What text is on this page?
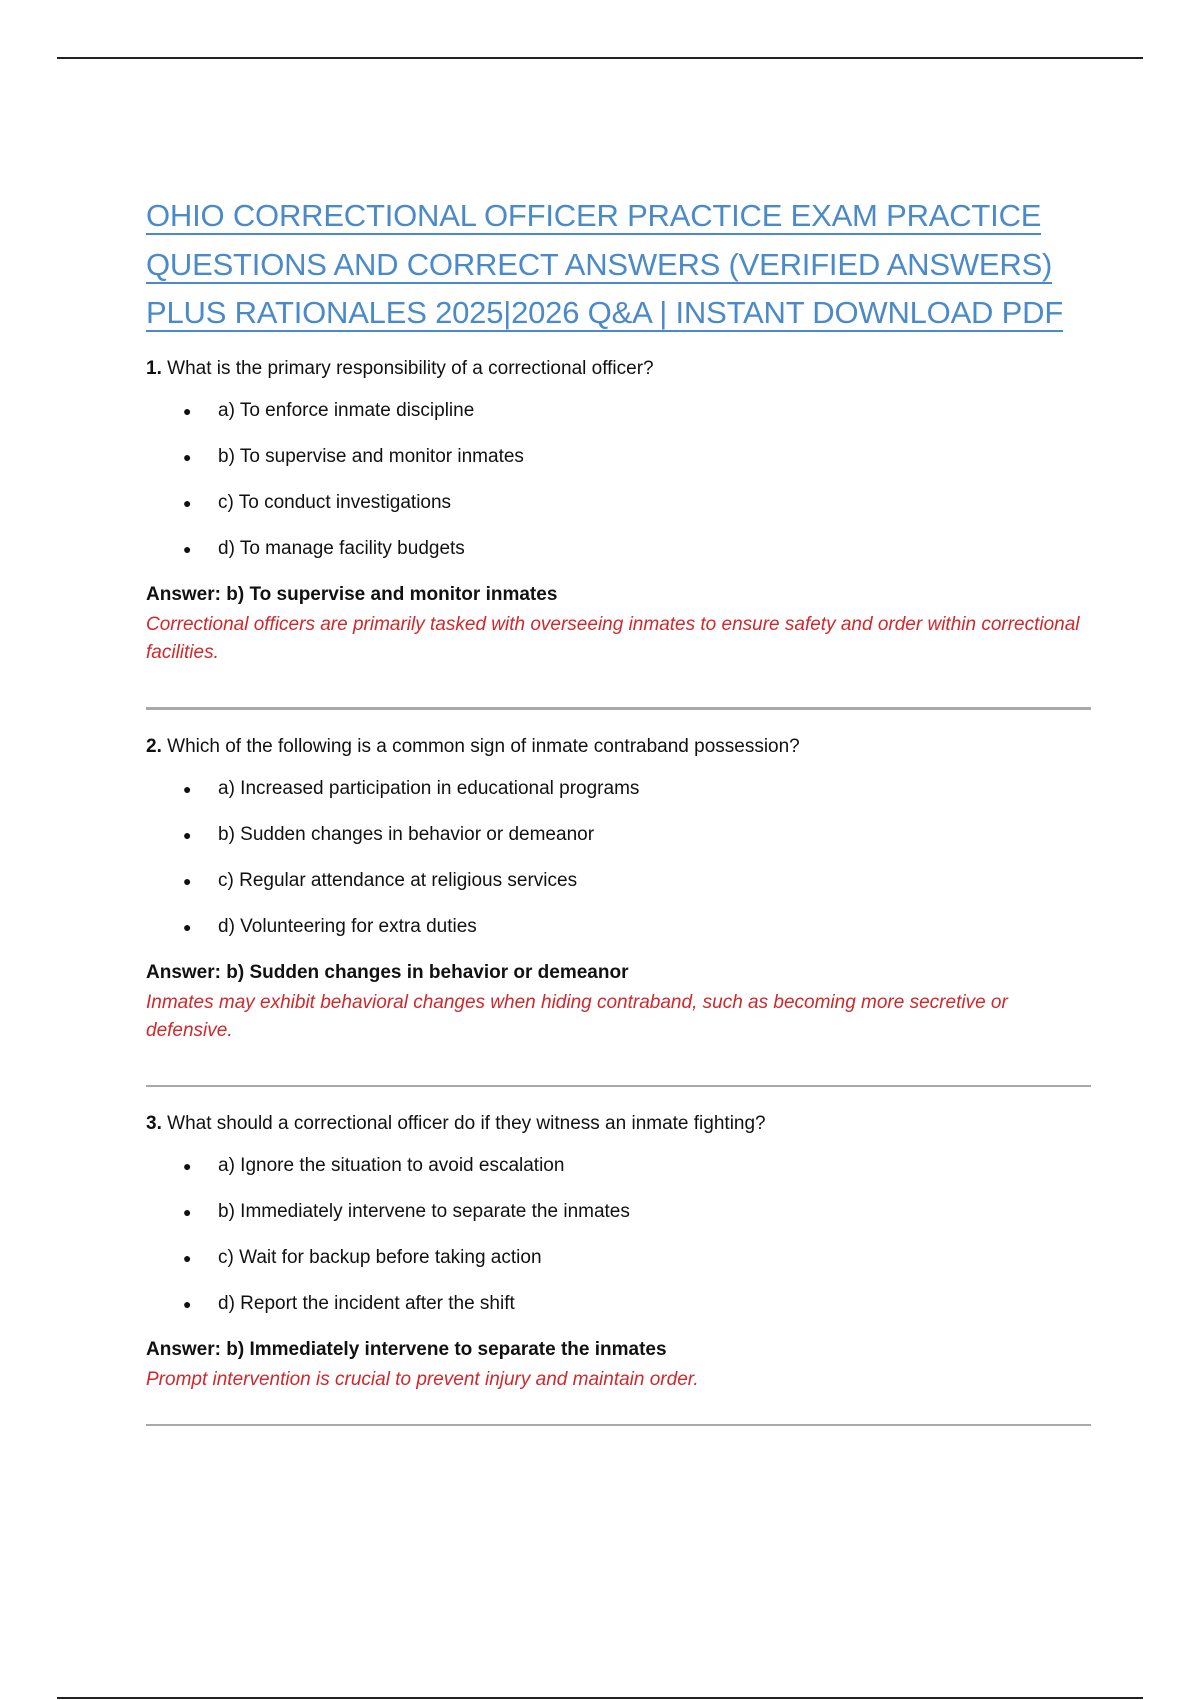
OHIO CORRECTIONAL OFFICER PRACTICE EXAM PRACTICE
QUESTIONS AND CORRECT ANSWERS (VERIFIED ANSWERS)
PLUS RATIONALES 2025|2026 Q&A | INSTANT DOWNLOAD PDF

1. What is the primary responsibility of a correctional officer?

● a) To enforce inmate discipline
● b) To supervise and monitor inmates
● c) To conduct investigations
● d) To manage facility budgets

Answer: b) To supervise and monitor inmates

Correctional officers are primarily tasked with overseeing inmates to ensure safety and order within correctional facilities.

2. Which of the following is a common sign of inmate contraband possession?

● a) Increased participation in educational programs
● b) Sudden changes in behavior or demeanor
● c) Regular attendance at religious services
● d) Volunteering for extra duties

Answer: b) Sudden changes in behavior or demeanor

Inmates may exhibit behavioral changes when hiding contraband, such as becoming more secretive or defensive.

3. What should a correctional officer do if they witness an inmate fighting?

● a) Ignore the situation to avoid escalation
● b) Immediately intervene to separate the inmates
● c) Wait for backup before taking action
● d) Report the incident after the shift

Answer: b) Immediately intervene to separate the inmates

Prompt intervention is crucial to prevent injury and maintain order.
